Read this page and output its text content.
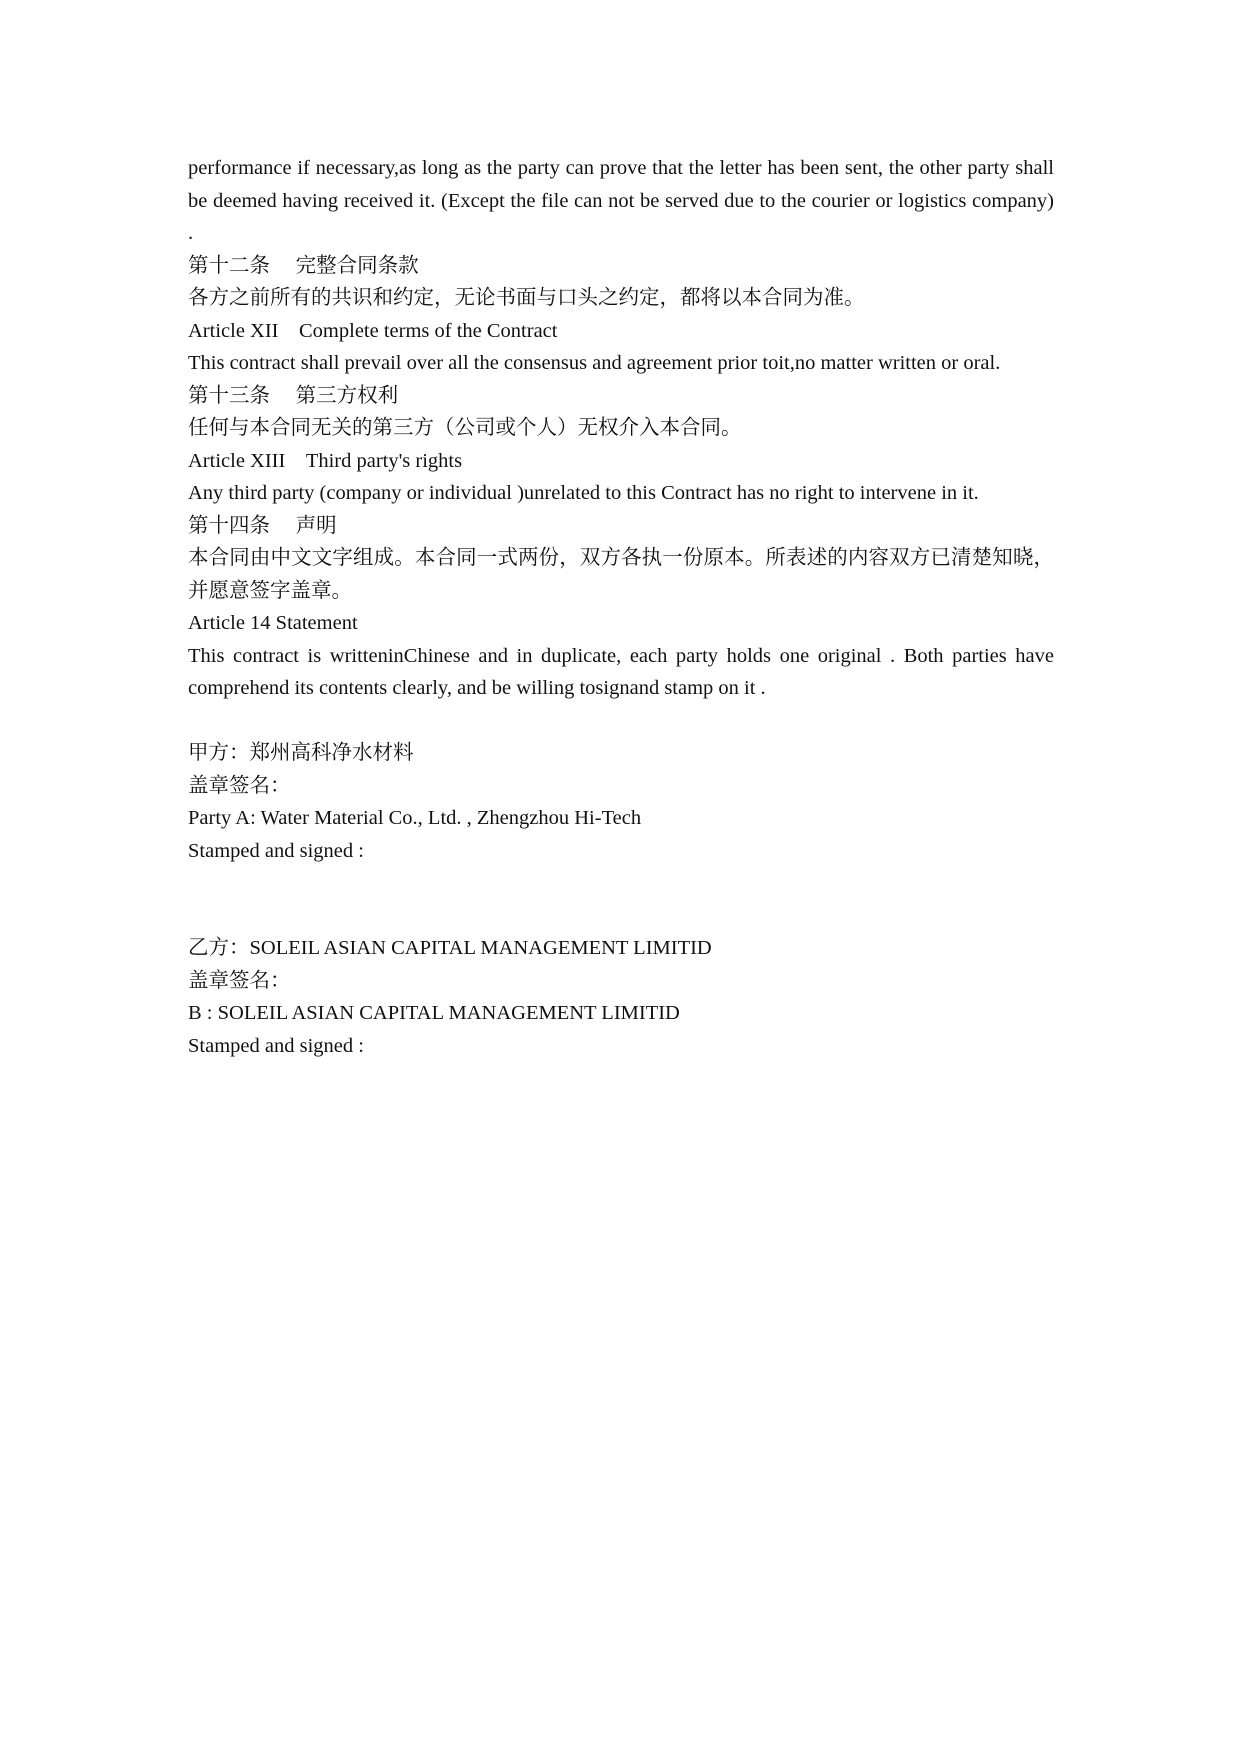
performance if necessary,as long as the party can prove that the letter has been sent, the other party shall be deemed having received it. (Except the file can not be served due to the courier or logistics company) .
第十二条　 完整合同条款
各方之前所有的共识和约定，无论书面与口头之约定，都将以本合同为准。
Article XII　Complete terms of the Contract
This contract shall prevail over all the consensus and agreement prior toit,no matter written or oral.
第十三条　 第三方权利
任何与本合同无关的第三方（公司或个人）无权介入本合同。
Article XIII　Third party's rights
Any third party (company or individual )unrelated to this Contract has no right to intervene in it.
第十四条　 声明
本合同由中文文字组成。本合同一式两份，双方各执一份原本。所表述的内容双方已清楚知晓，并愿意签字盖章。
Article 14 Statement
This contract is writteninChinese and in duplicate, each party holds one original . Both parties have comprehend its contents clearly, and be willing tosignand stamp on it .
甲方：郑州高科净水材料
盖章签名：
Party A: Water Material Co., Ltd. , Zhengzhou Hi-Tech
Stamped and signed :
乙方：SOLEIL ASIAN CAPITAL MANAGEMENT LIMITID
盖章签名：
B : SOLEIL ASIAN CAPITAL MANAGEMENT LIMITID
Stamped and signed :
